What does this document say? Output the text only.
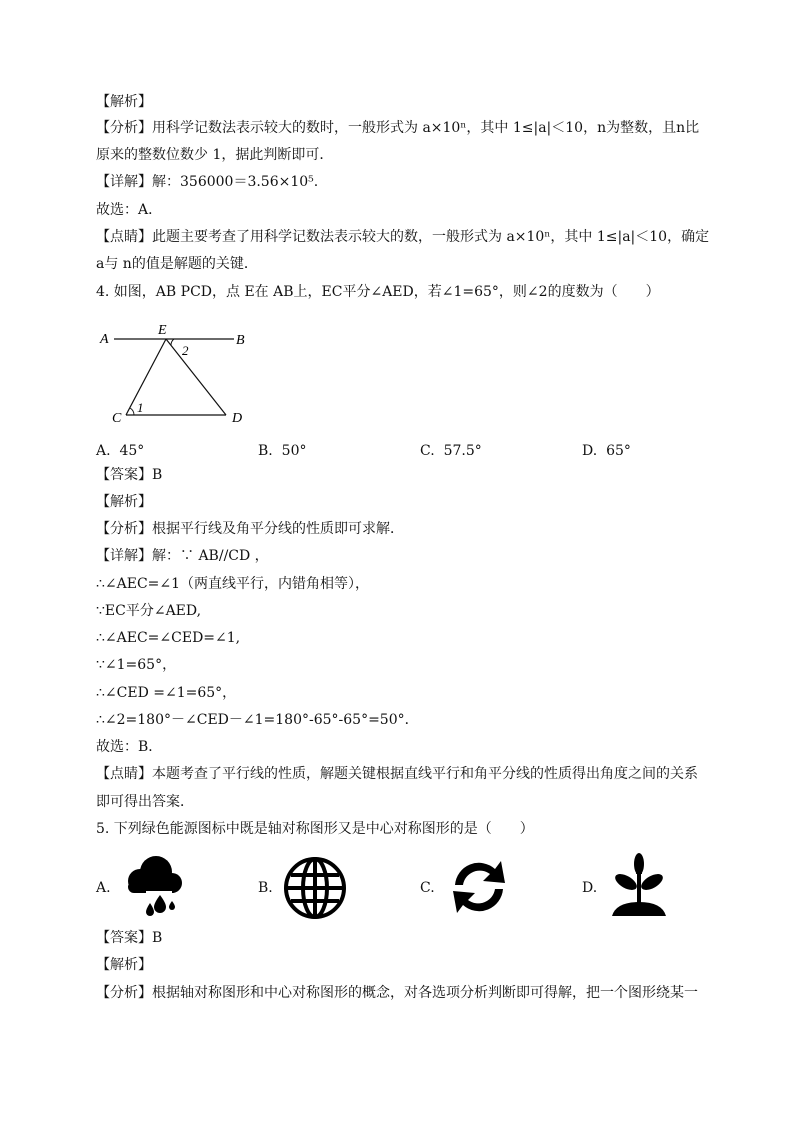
【解析】
【分析】用科学记数法表示较大的数时，一般形式为 a×10ⁿ，其中 1≤|a|＜10，n为整数，且n比
原来的整数位数少 1，据此判断即可．
【详解】解：356000＝3.56×10⁵.
故选：A．
【点睛】此题主要考查了用科学记数法表示较大的数，一般形式为 a×10ⁿ，其中 1≤|a|＜10，确定
a与 n的值是解题的关键．
4. 如图，AB PCD，点 E在 AB上，EC平分∠AED，若∠1=65°，则∠2的度数为（　　）
A
E
B
2
C
1
D
A. 45°	B. 50°	C. 57.5°	D. 65°
【答案】B
【解析】
【分析】根据平行线及角平分线的性质即可求解．
【详解】解：∵ AB//CD ，
∴∠AEC=∠1（两直线平行，内错角相等），
∵EC平分∠AED,
∴∠AEC=∠CED=∠1,
∵∠1=65°，
∴∠CED =∠1=65°，
∴∠2=180°－∠CED－∠1=180°-65°-65°=50°．
故选：B．
【点睛】本题考查了平行线的性质，解题关键根据直线平行和角平分线的性质得出角度之间的关系
即可得出答案．
5. 下列绿色能源图标中既是轴对称图形又是中心对称图形的是（　　）
A.	B.	C.	D.
【答案】B
【解析】
【分析】根据轴对称图形和中心对称图形的概念，对各选项分析判断即可得解，把一个图形绕某一
